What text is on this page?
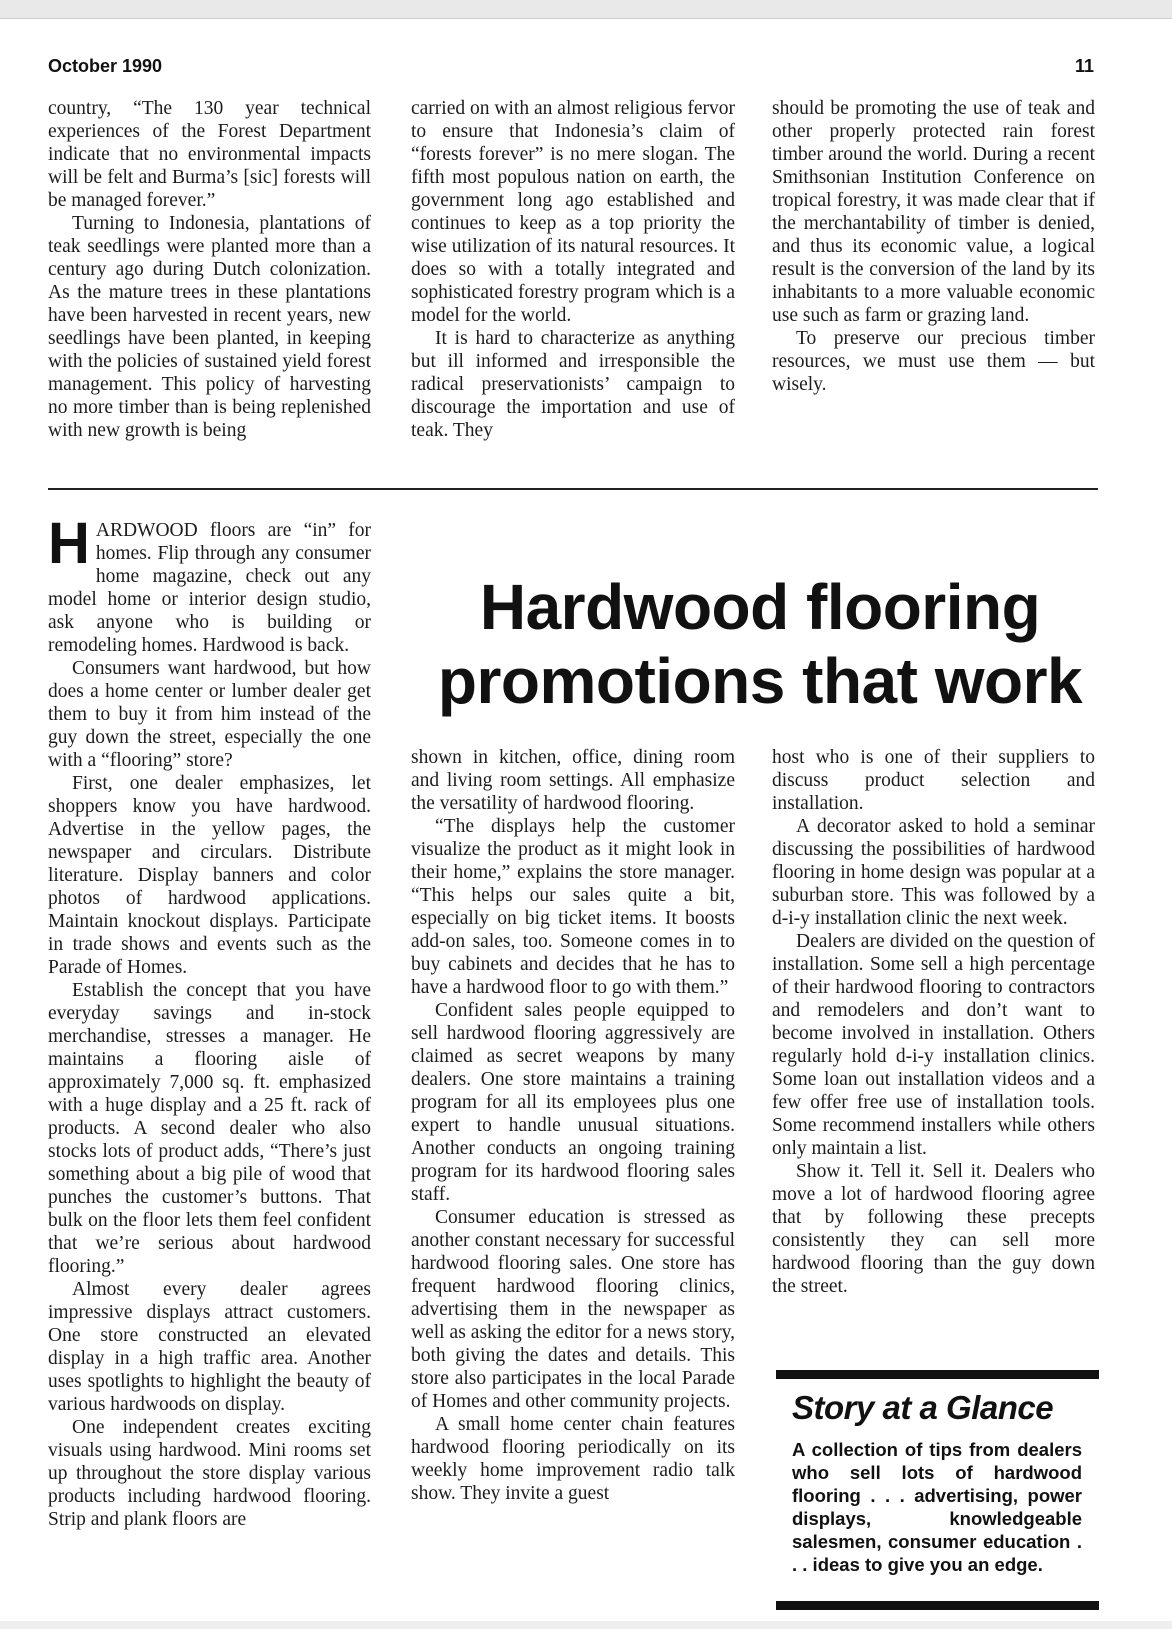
October 1990	11

country, “The 130 year technical experiences of the Forest Department indicate that no environmental impacts will be felt and Burma’s [sic] forests will be managed forever.”

Turning to Indonesia, plantations of teak seedlings were planted more than a century ago during Dutch colonization. As the mature trees in these plantations have been harvested in recent years, new seedlings have been planted, in keeping with the policies of sustained yield forest management. This policy of harvesting no more timber than is being replenished with new growth is being

carried on with an almost religious fervor to ensure that Indonesia’s claim of “forests forever” is no mere slogan. The fifth most populous nation on earth, the government long ago established and continues to keep as a top priority the wise utilization of its natural resources. It does so with a totally integrated and sophisticated forestry program which is a model for the world.

It is hard to characterize as anything but ill informed and irresponsible the radical preservationists’ campaign to discourage the importation and use of teak. They

should be promoting the use of teak and other properly protected rain forest timber around the world. During a recent Smithsonian Institution Conference on tropical forestry, it was made clear that if the merchantability of timber is denied, and thus its economic value, a logical result is the conversion of the land by its inhabitants to a more valuable economic use such as farm or grazing land.

To preserve our precious timber resources, we must use them — but wisely.

HARDWOOD floors are “in” for homes. Flip through any consumer home magazine, check out any model home or interior design studio, ask anyone who is building or remodeling homes. Hardwood is back.

Consumers want hardwood, but how does a home center or lumber dealer get them to buy it from him instead of the guy down the street, especially the one with a “flooring” store?

First, one dealer emphasizes, let shoppers know you have hardwood. Advertise in the yellow pages, the newspaper and circulars. Distribute literature. Display banners and color photos of hardwood applications. Maintain knockout displays. Participate in trade shows and events such as the Parade of Homes.

Establish the concept that you have everyday savings and in-stock merchandise, stresses a manager. He maintains a flooring aisle of approximately 7,000 sq. ft. emphasized with a huge display and a 25 ft. rack of products. A second dealer who also stocks lots of product adds, “There’s just something about a big pile of wood that punches the customer’s buttons. That bulk on the floor lets them feel confident that we’re serious about hardwood flooring.”

Almost every dealer agrees impressive displays attract customers. One store constructed an elevated display in a high traffic area. Another uses spotlights to highlight the beauty of various hardwoods on display.

One independent creates exciting visuals using hardwood. Mini rooms set up throughout the store display various products including hardwood flooring. Strip and plank floors are

Hardwood flooring promotions that work

shown in kitchen, office, dining room and living room settings. All emphasize the versatility of hardwood flooring.

“The displays help the customer visualize the product as it might look in their home,” explains the store manager. “This helps our sales quite a bit, especially on big ticket items. It boosts add-on sales, too. Someone comes in to buy cabinets and decides that he has to have a hardwood floor to go with them.”

Confident sales people equipped to sell hardwood flooring aggressively are claimed as secret weapons by many dealers. One store maintains a training program for all its employees plus one expert to handle unusual situations. Another conducts an ongoing training program for its hardwood flooring sales staff.

Consumer education is stressed as another constant necessary for successful hardwood flooring sales. One store has frequent hardwood flooring clinics, advertising them in the newspaper as well as asking the editor for a news story, both giving the dates and details. This store also participates in the local Parade of Homes and other community projects.

A small home center chain features hardwood flooring periodically on its weekly home improvement radio talk show. They invite a guest

host who is one of their suppliers to discuss product selection and installation.

A decorator asked to hold a seminar discussing the possibilities of hardwood flooring in home design was popular at a suburban store. This was followed by a d-i-y installation clinic the next week.

Dealers are divided on the question of installation. Some sell a high percentage of their hardwood flooring to contractors and remodelers and don’t want to become involved in installation. Others regularly hold d-i-y installation clinics. Some loan out installation videos and a few offer free use of installation tools. Some recommend installers while others only maintain a list.

Show it. Tell it. Sell it. Dealers who move a lot of hardwood flooring agree that by following these precepts consistently they can sell more hardwood flooring than the guy down the street.

Story at a Glance

A collection of tips from dealers who sell lots of hardwood flooring . . . advertising, power displays, knowledgeable salesmen, consumer education . . . ideas to give you an edge.
